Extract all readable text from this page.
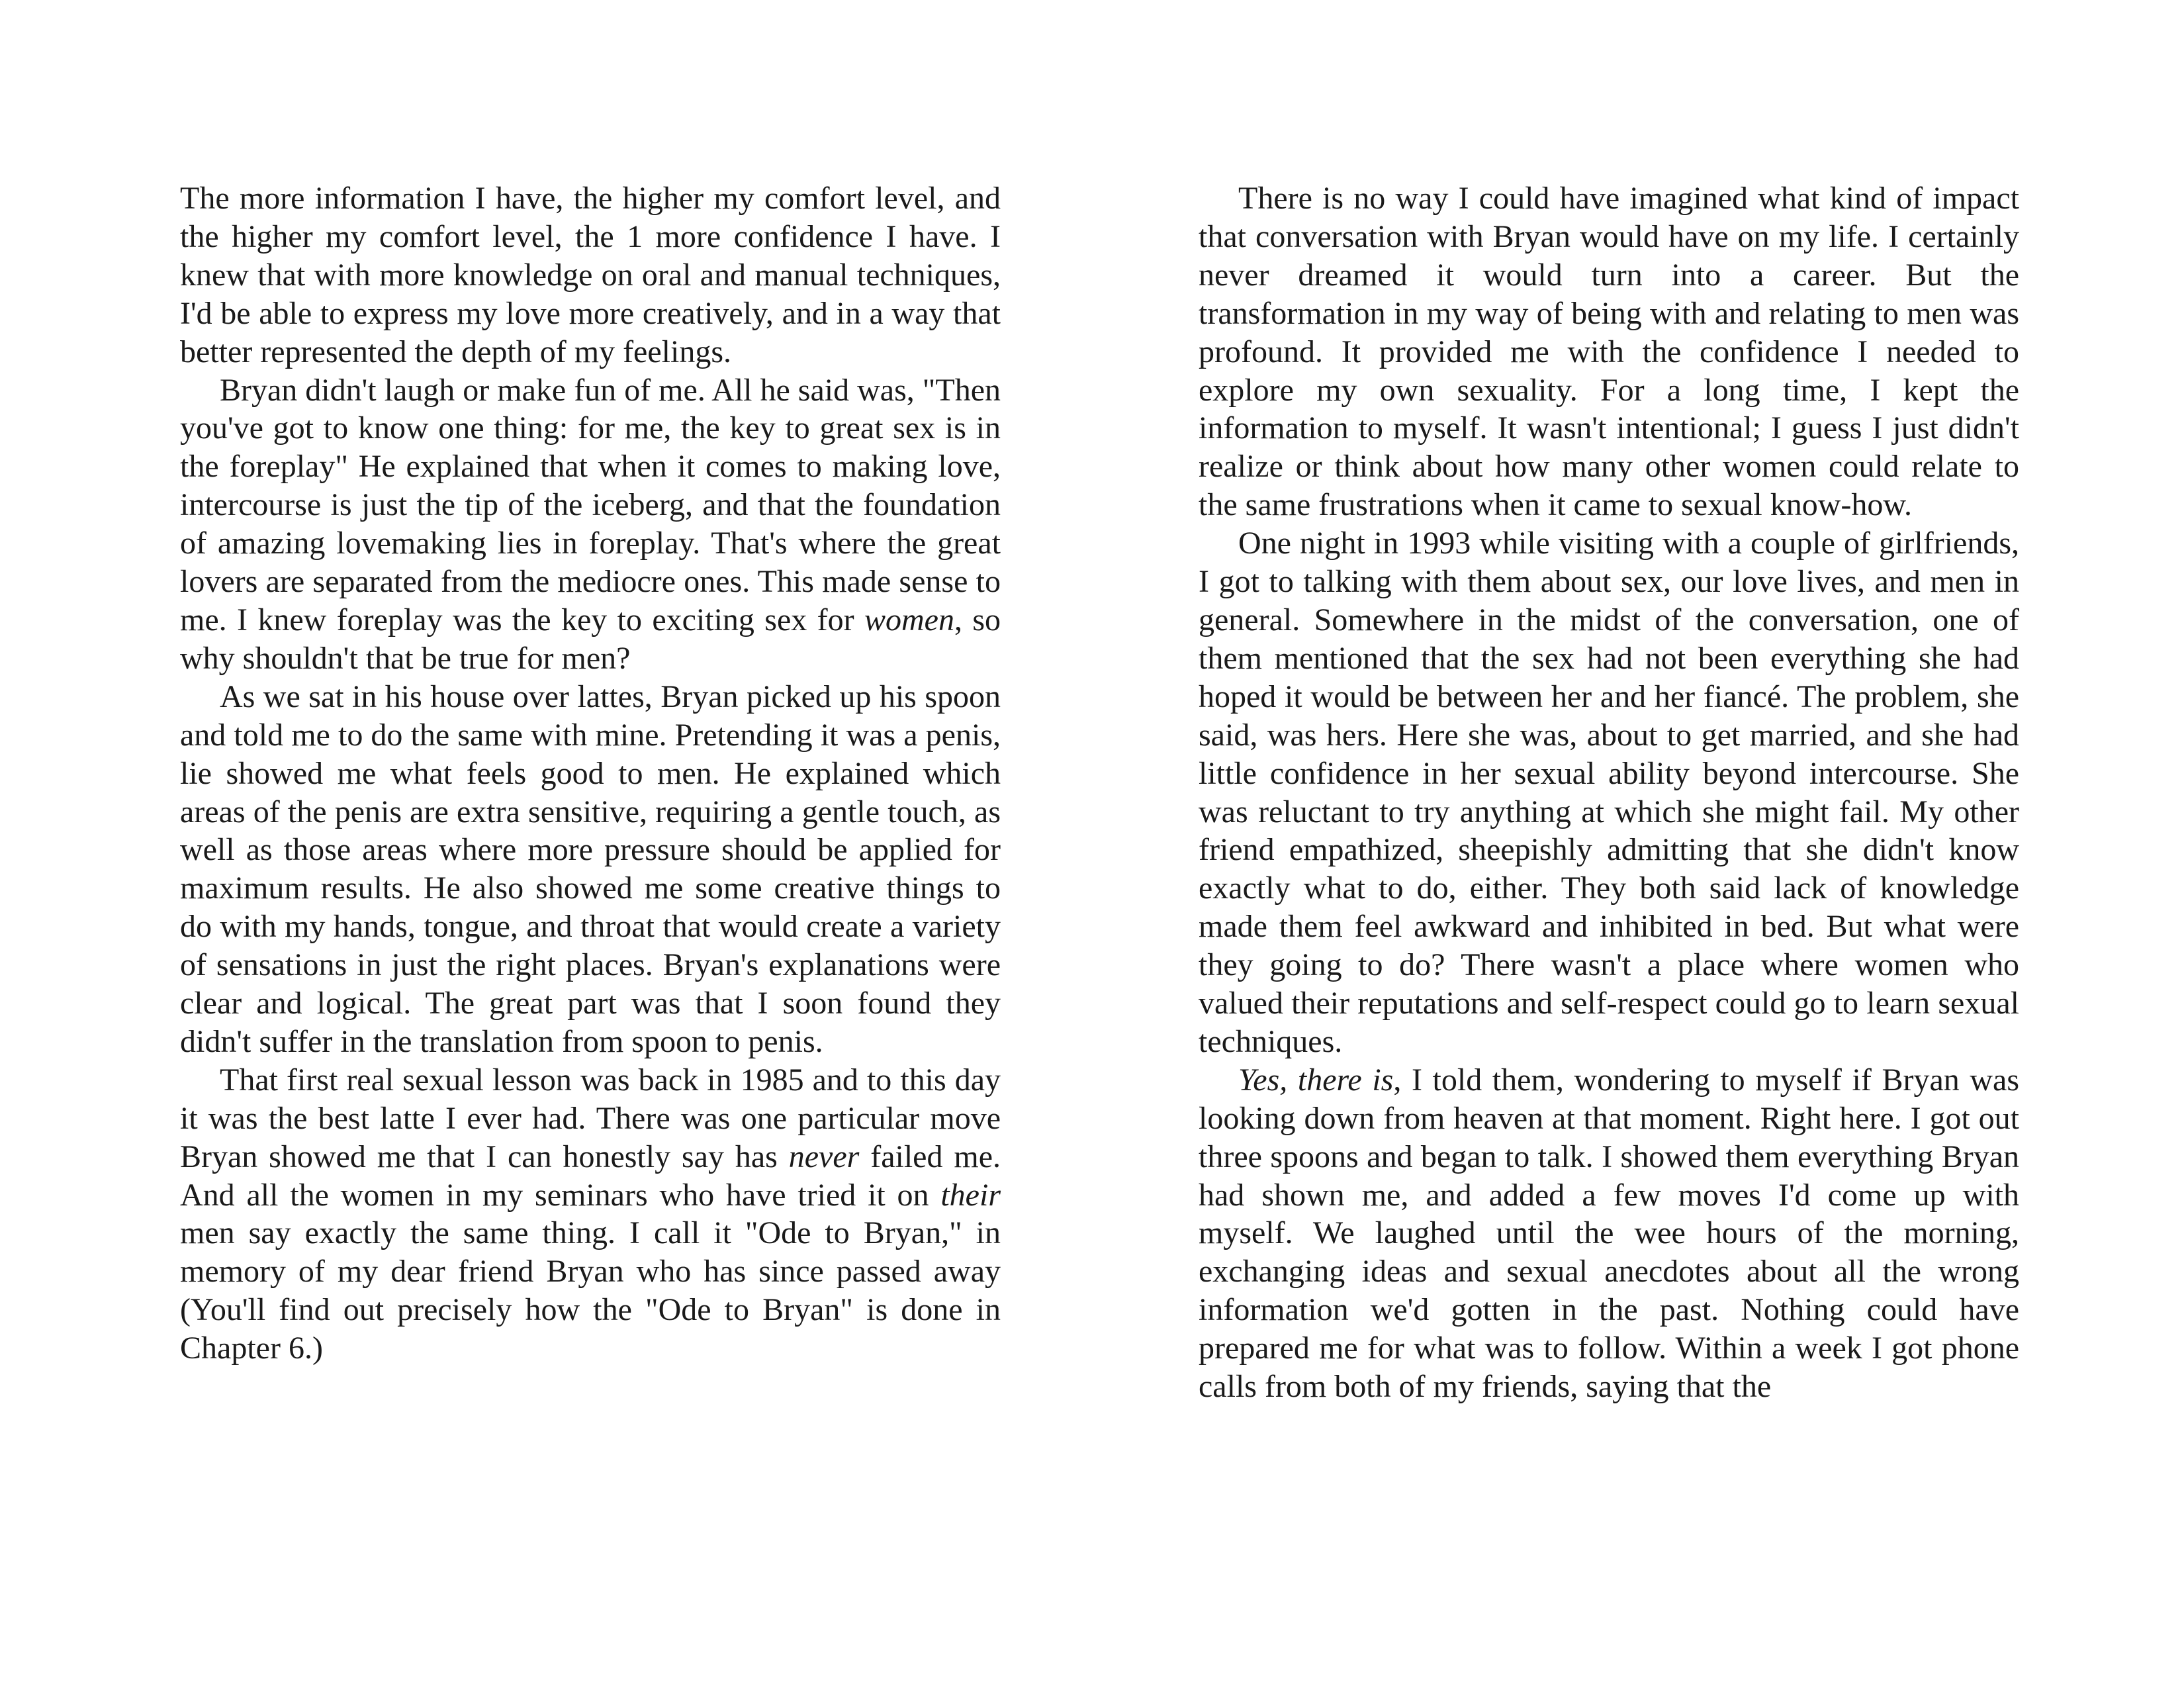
The more information I have, the higher my comfort level, and the higher my comfort level, the 1 more confidence I have. I knew that with more knowledge on oral and manual techniques, I'd be able to express my love more creatively, and in a way that better represented the depth of my feelings.

Bryan didn't laugh or make fun of me. All he said was, "Then you've got to know one thing: for me, the key to great sex is in the foreplay" He explained that when it comes to making love, intercourse is just the tip of the iceberg, and that the foundation of amazing lovemaking lies in foreplay. That's where the great lovers are separated from the mediocre ones. This made sense to me. I knew foreplay was the key to exciting sex for women, so why shouldn't that be true for men?

As we sat in his house over lattes, Bryan picked up his spoon and told me to do the same with mine. Pretending it was a penis, lie showed me what feels good to men. He explained which areas of the penis are extra sensitive, requiring a gentle touch, as well as those areas where more pressure should be applied for maximum results. He also showed me some creative things to do with my hands, tongue, and throat that would create a variety of sensations in just the right places. Bryan's explanations were clear and logical. The great part was that I soon found they didn't suffer in the translation from spoon to penis.

That first real sexual lesson was back in 1985 and to this day it was the best latte I ever had. There was one particular move Bryan showed me that I can honestly say has never failed me. And all the women in my seminars who have tried it on their men say exactly the same thing. I call it "Ode to Bryan," in memory of my dear friend Bryan who has since passed away (You'll find out precisely how the "Ode to Bryan" is done in Chapter 6.)

There is no way I could have imagined what kind of impact that conversation with Bryan would have on my life. I certainly never dreamed it would turn into a career. But the transformation in my way of being with and relating to men was profound. It provided me with the confidence I needed to explore my own sexuality. For a long time, I kept the information to myself. It wasn't intentional; I guess I just didn't realize or think about how many other women could relate to the same frustrations when it came to sexual know-how.

One night in 1993 while visiting with a couple of girlfriends, I got to talking with them about sex, our love lives, and men in general. Somewhere in the midst of the conversation, one of them mentioned that the sex had not been everything she had hoped it would be between her and her fiancé. The problem, she said, was hers. Here she was, about to get married, and she had little confidence in her sexual ability beyond intercourse. She was reluctant to try anything at which she might fail. My other friend empathized, sheepishly admitting that she didn't know exactly what to do, either. They both said lack of knowledge made them feel awkward and inhibited in bed. But what were they going to do? There wasn't a place where women who valued their reputations and self-respect could go to learn sexual techniques.

Yes, there is, I told them, wondering to myself if Bryan was looking down from heaven at that moment. Right here. I got out three spoons and began to talk. I showed them everything Bryan had shown me, and added a few moves I'd come up with myself. We laughed until the wee hours of the morning, exchanging ideas and sexual anecdotes about all the wrong information we'd gotten in the past. Nothing could have prepared me for what was to follow. Within a week I got phone calls from both of my friends, saying that the
